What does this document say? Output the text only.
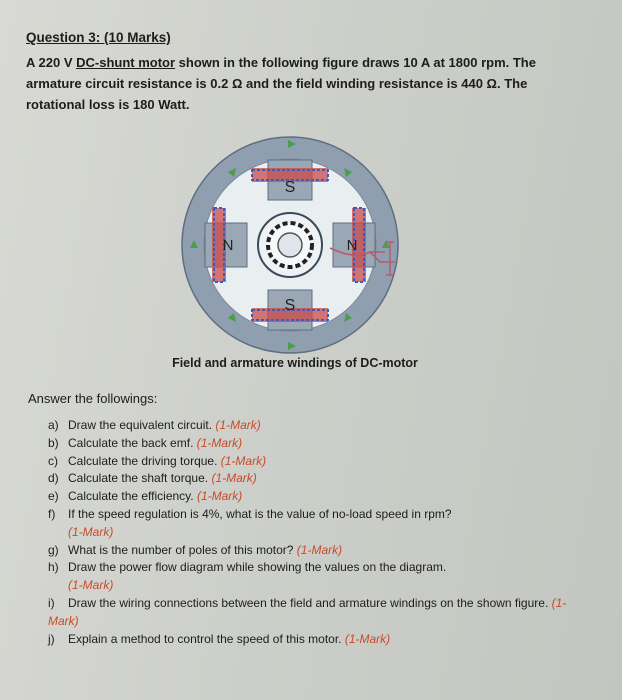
Question 3: (10 Marks)
A 220 V DC-shunt motor shown in the following figure draws 10 A at 1800 rpm. The armature circuit resistance is 0.2 Ω and the field winding resistance is 440 Ω. The rotational loss is 180 Watt.
S
N	N
S
Field and armature windings of DC-motor
Answer the followings:
a) Draw the equivalent circuit. (1-Mark)
b) Calculate the back emf. (1-Mark)
c) Calculate the driving torque. (1-Mark)
d) Calculate the shaft torque. (1-Mark)
e) Calculate the efficiency. (1-Mark)
f) If the speed regulation is 4%, what is the value of no-load speed in rpm?
(1-Mark)
g) What is the number of poles of this motor? (1-Mark)
h) Draw the power flow diagram while showing the values on the diagram.
(1-Mark)
i) Draw the wiring connections between the field and armature windings on the shown figure. (1-Mark)
j) Explain a method to control the speed of this motor. (1-Mark)
